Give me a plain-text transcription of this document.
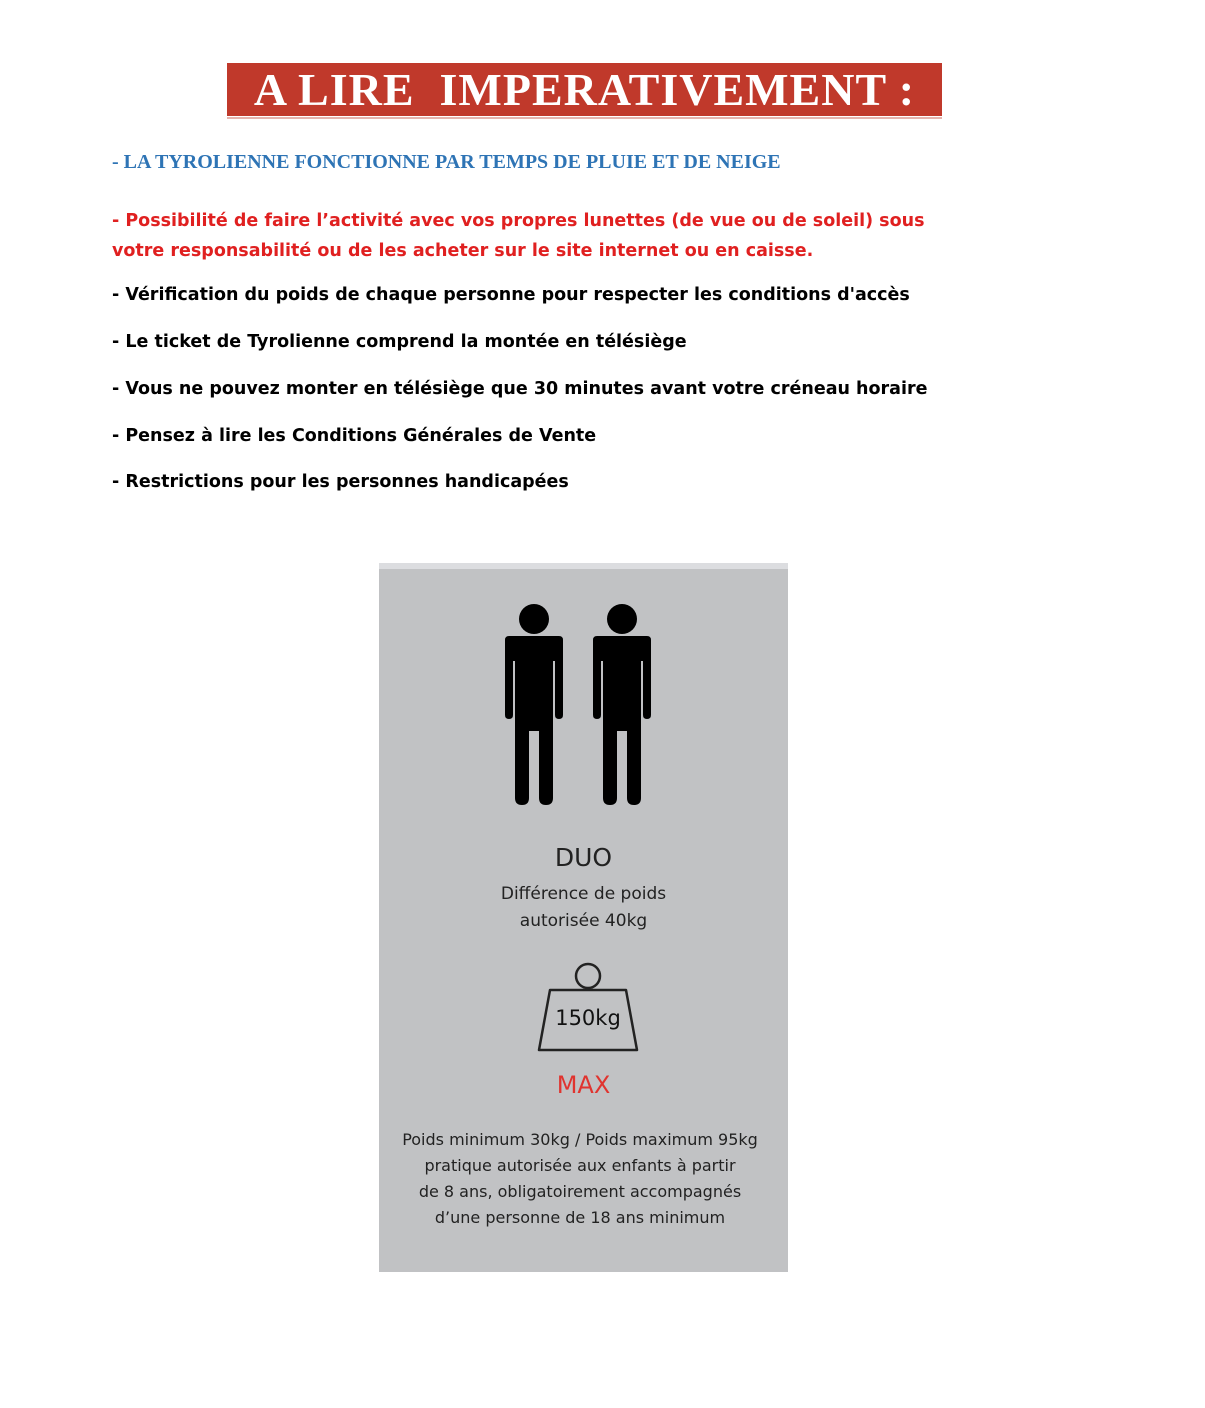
A LIRE  IMPERATIVEMENT :
- LA TYROLIENNE FONCTIONNE PAR TEMPS DE PLUIE ET DE NEIGE
- Possibilité de faire l’activité avec vos propres lunettes (de vue ou de soleil) sous votre responsabilité ou de les acheter sur le site internet ou en caisse.
- Vérification du poids de chaque personne pour respecter les conditions d'accès
- Le ticket de Tyrolienne comprend la montée en télésiège
- Vous ne pouvez monter en télésiège que 30 minutes avant votre créneau horaire
- Pensez à lire les Conditions Générales de Vente
- Restrictions pour les personnes handicapées
DUO
Différence de poids
autorisée 40kg
150kg
MAX
Poids minimum 30kg / Poids maximum 95kg
pratique autorisée aux enfants à partir
de 8 ans, obligatoirement accompagnés
d’une personne de 18 ans minimum
